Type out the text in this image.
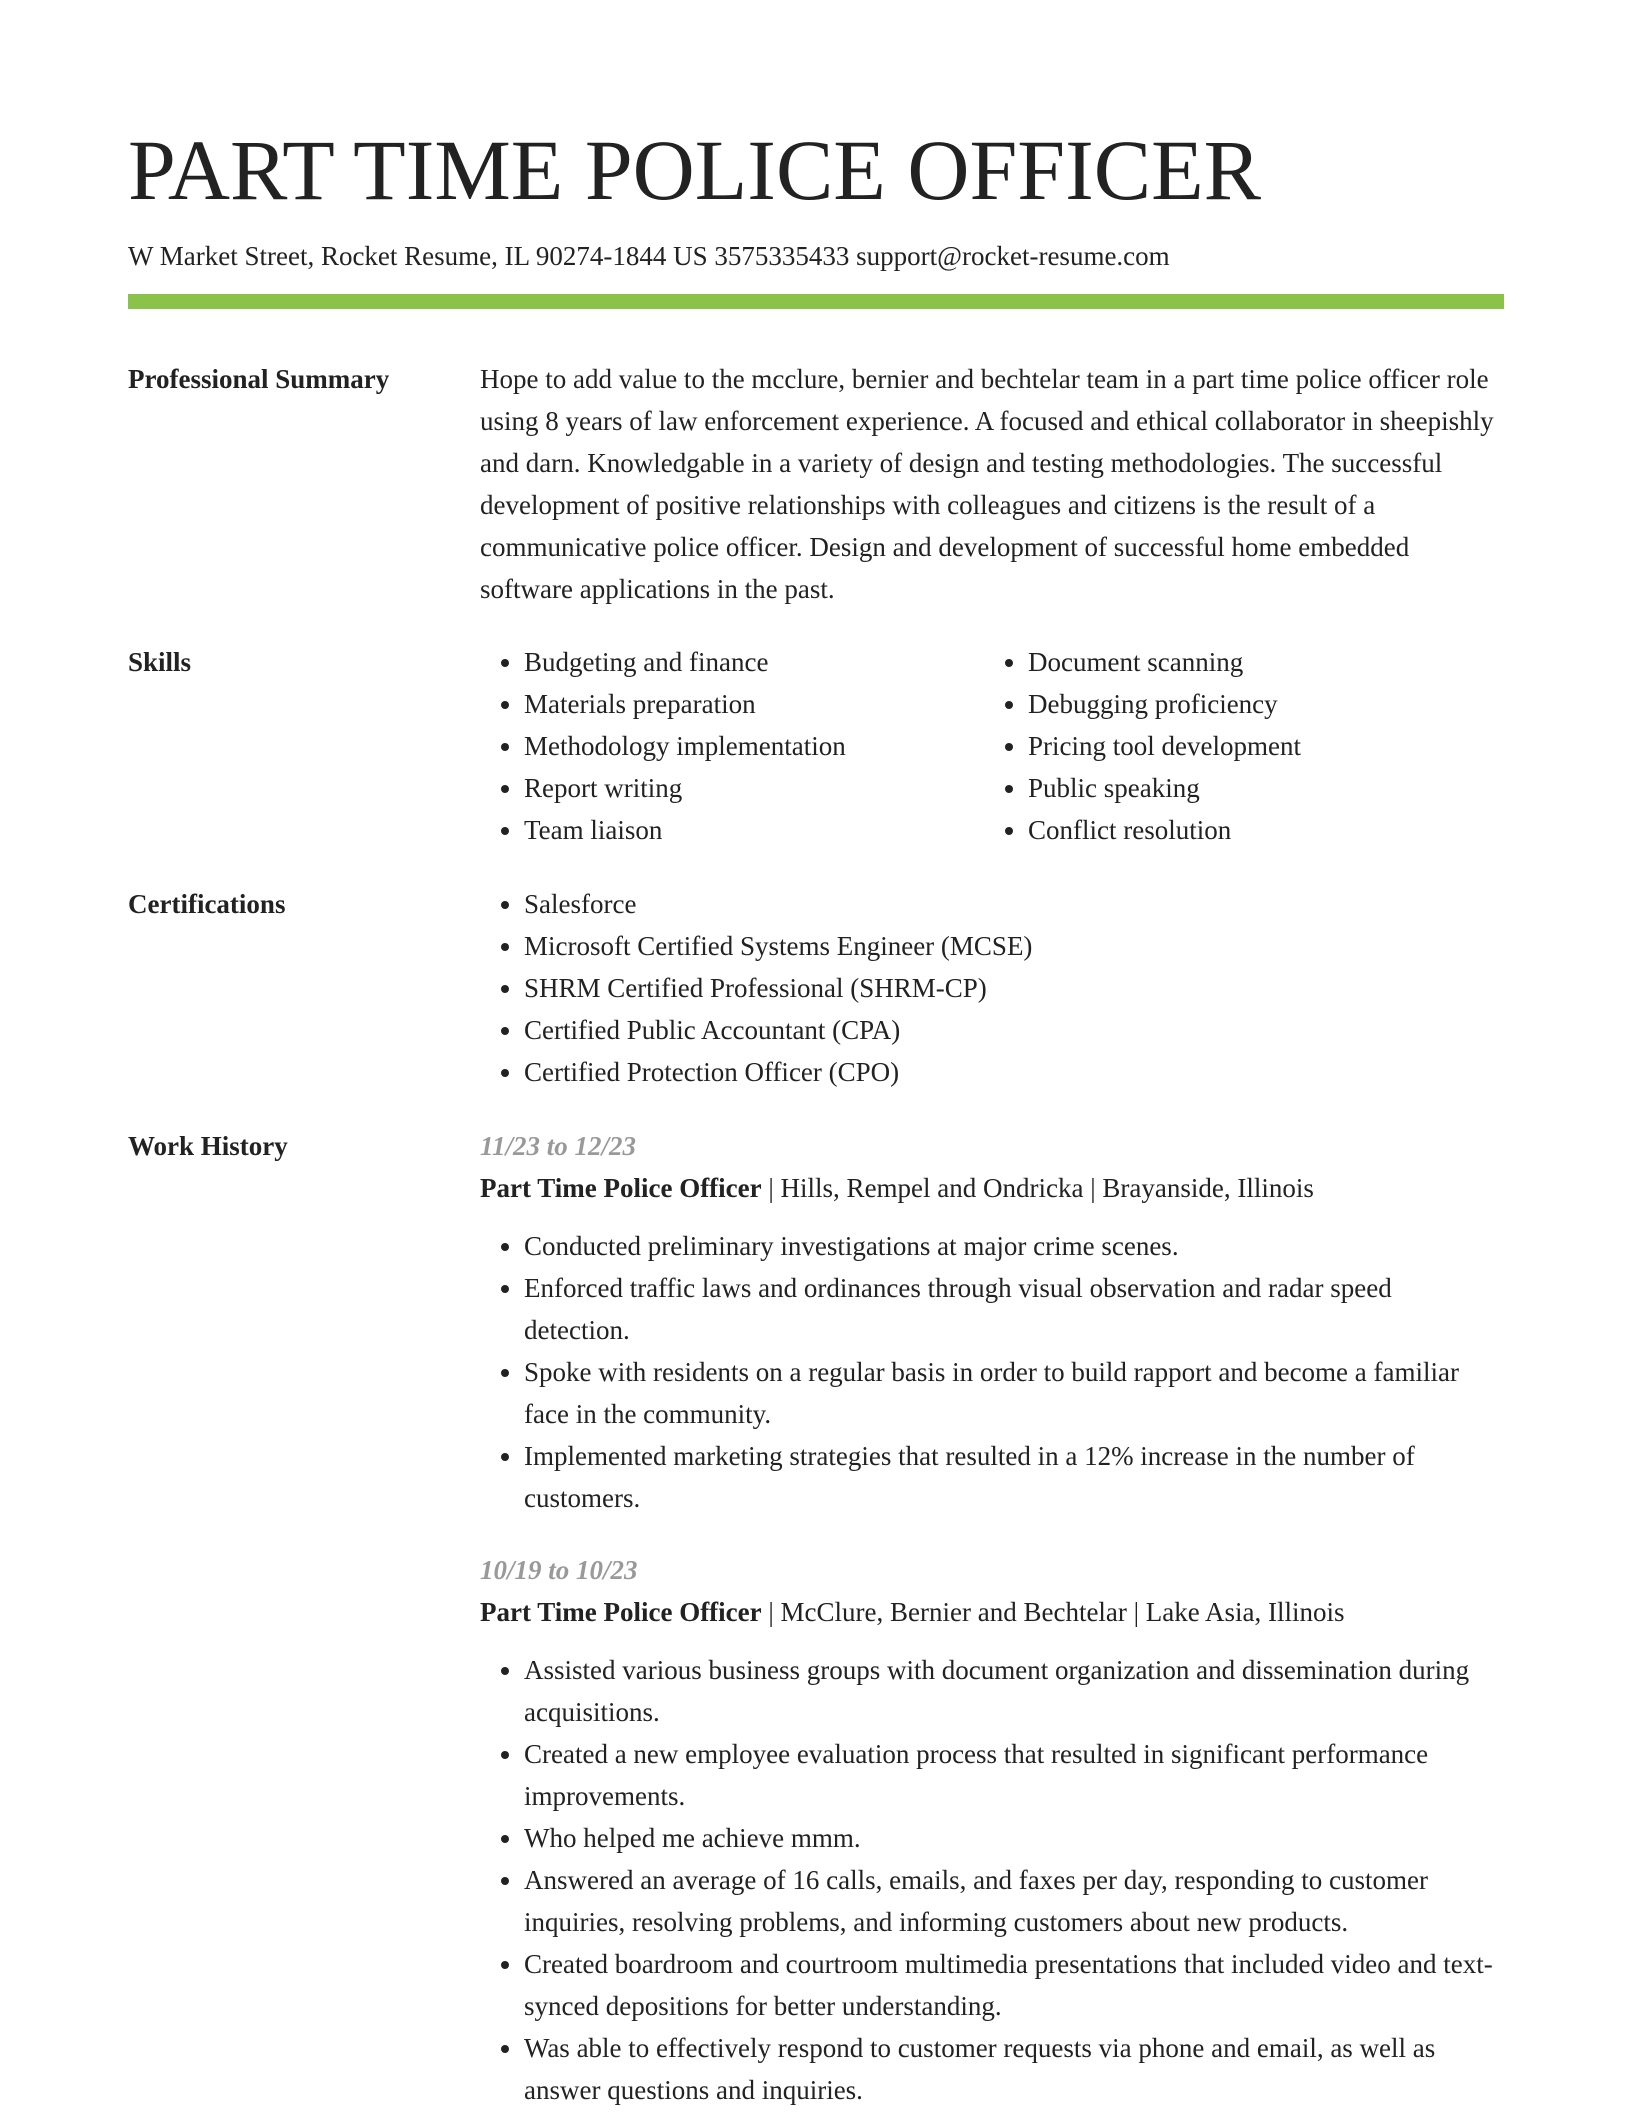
PART TIME POLICE OFFICER
W Market Street, Rocket Resume, IL 90274-1844 US 3575335433 support@rocket-resume.com
Professional Summary	Hope to add value to the mcclure, bernier and bechtelar team in a part time police officer role using 8 years of law enforcement experience. A focused and ethical collaborator in sheepishly and darn. Knowledgable in a variety of design and testing methodologies. The successful development of positive relationships with colleagues and citizens is the result of a communicative police officer. Design and development of successful home embedded software applications in the past.

Skills	• Budgeting and finance
• Materials preparation
• Methodology implementation
• Report writing
• Team liaison
• Document scanning
• Debugging proficiency
• Pricing tool development
• Public speaking
• Conflict resolution
Certifications	• Salesforce
• Microsoft Certified Systems Engineer (MCSE)
• SHRM Certified Professional (SHRM-CP)
• Certified Public Accountant (CPA)
• Certified Protection Officer (CPO)
Work History	11/23 to 12/23
Part Time Police Officer | Hills, Rempel and Ondricka | Brayanside, Illinois
• Conducted preliminary investigations at major crime scenes.
• Enforced traffic laws and ordinances through visual observation and radar speed detection.
• Spoke with residents on a regular basis in order to build rapport and become a familiar face in the community.
• Implemented marketing strategies that resulted in a 12% increase in the number of customers.
10/19 to 10/23
Part Time Police Officer | McClure, Bernier and Bechtelar | Lake Asia, Illinois
• Assisted various business groups with document organization and dissemination during acquisitions.
• Created a new employee evaluation process that resulted in significant performance improvements.
• Who helped me achieve mmm.
• Answered an average of 16 calls, emails, and faxes per day, responding to customer inquiries, resolving problems, and informing customers about new products.
• Created boardroom and courtroom multimedia presentations that included video and text-synced depositions for better understanding.
• Was able to effectively respond to customer requests via phone and email, as well as answer questions and inquiries.
